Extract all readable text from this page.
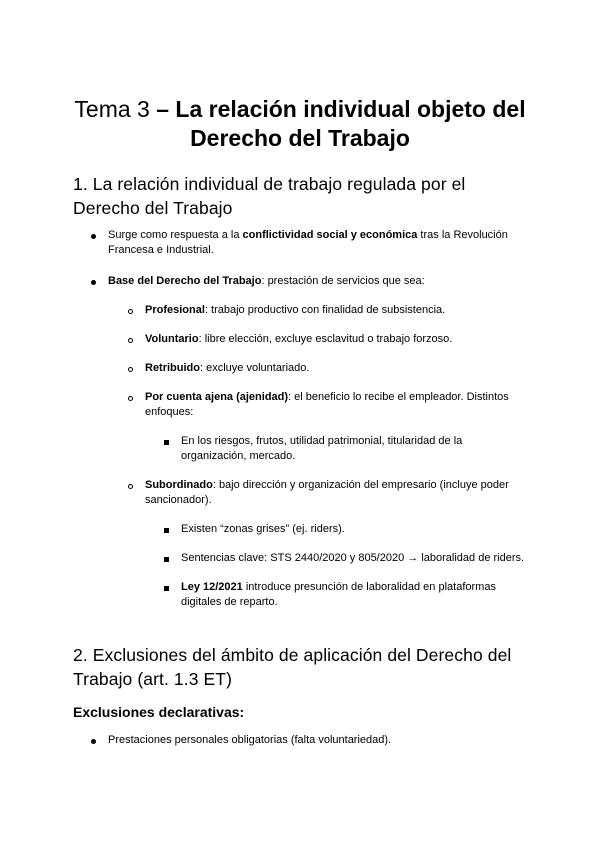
Tema 3 – La relación individual objeto del Derecho del Trabajo
1. La relación individual de trabajo regulada por el Derecho del Trabajo
Surge como respuesta a la conflictividad social y económica tras la Revolución Francesa e Industrial.
Base del Derecho del Trabajo: prestación de servicios que sea:
Profesional: trabajo productivo con finalidad de subsistencia.
Voluntario: libre elección, excluye esclavitud o trabajo forzoso.
Retribuido: excluye voluntariado.
Por cuenta ajena (ajenidad): el beneficio lo recibe el empleador. Distintos enfoques:
En los riesgos, frutos, utilidad patrimonial, titularidad de la organización, mercado.
Subordinado: bajo dirección y organización del empresario (incluye poder sancionador).
Existen “zonas grises” (ej. riders).
Sentencias clave: STS 2440/2020 y 805/2020 → laboralidad de riders.
Ley 12/2021 introduce presunción de laboralidad en plataformas digitales de reparto.
2. Exclusiones del ámbito de aplicación del Derecho del Trabajo (art. 1.3 ET)
Exclusiones declarativas:
Prestaciones personales obligatorias (falta voluntariedad).
